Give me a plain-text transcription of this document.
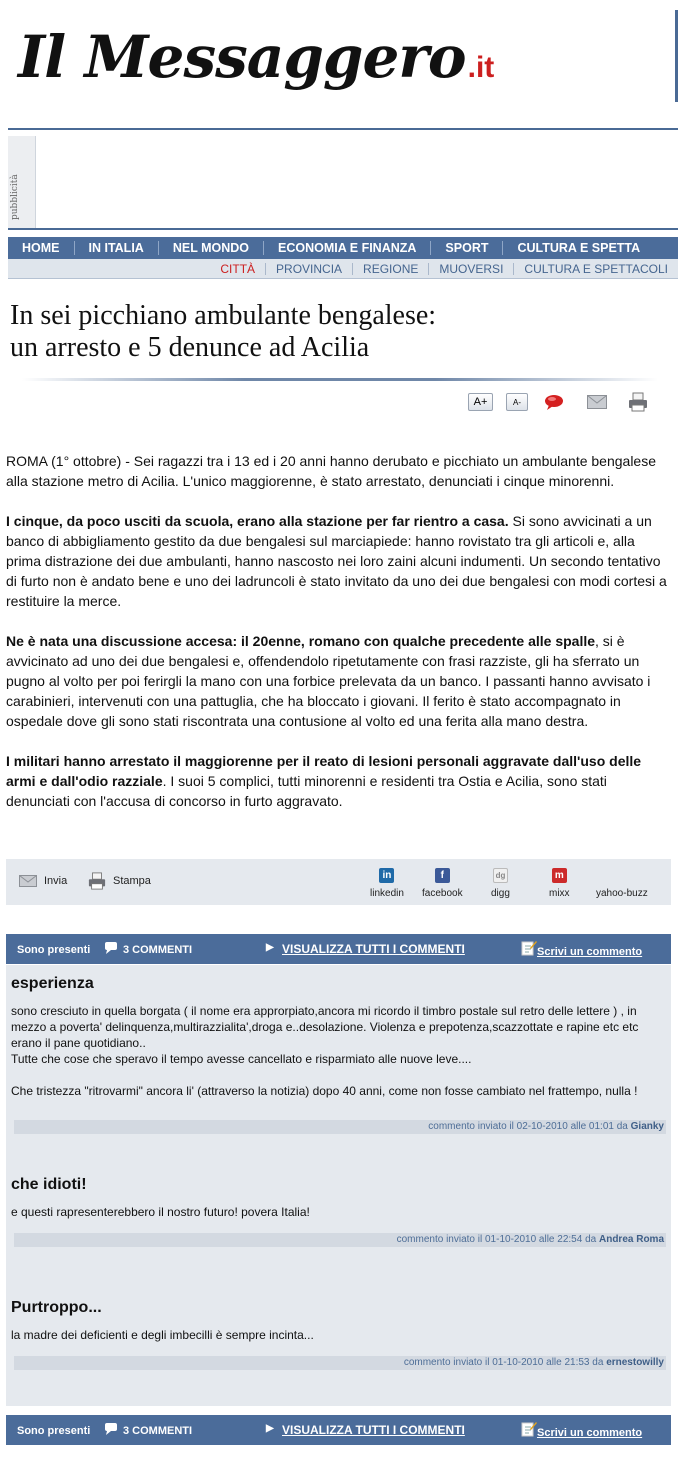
Il Messaggero.it
pubblicità
HOME	IN ITALIA	NEL MONDO	ECONOMIA E FINANZA	SPORT	CULTURA E SPETTA
CITTÀ	PROVINCIA	REGIONE	MUOVERSI	CULTURA E SPETTACOLI
In sei picchiano ambulante bengalese:
un arresto e 5 denunce ad Acilia
A+	A-

ROMA (1° ottobre) - Sei ragazzi tra i 13 ed i 20 anni hanno derubato e picchiato un ambulante bengalese alla stazione metro di Acilia. L'unico maggiorenne, è stato arrestato, denunciati i cinque minorenni.

I cinque, da poco usciti da scuola, erano alla stazione per far rientro a casa. Si sono avvicinati a un banco di abbigliamento gestito da due bengalesi sul marciapiede: hanno rovistato tra gli articoli e, alla prima distrazione dei due ambulanti, hanno nascosto nei loro zaini alcuni indumenti. Un secondo tentativo di furto non è andato bene e uno dei ladruncoli è stato invitato da uno dei due bengalesi con modi cortesi a restituire la merce.

Ne è nata una discussione accesa: il 20enne, romano con qualche precedente alle spalle, si è avvicinato ad uno dei due bengalesi e, offendendolo ripetutamente con frasi razziste, gli ha sferrato un pugno al volto per poi ferirgli la mano con una forbice prelevata da un banco. I passanti hanno avvisato i carabinieri, intervenuti con una pattuglia, che ha bloccato i giovani. Il ferito è stato accompagnato in ospedale dove gli sono stati riscontrata una contusione al volto ed una ferita alla mano destra.

I militari hanno arrestato il maggiorenne per il reato di lesioni personali aggravate dall'uso delle armi e dall'odio razziale. I suoi 5 complici, tutti minorenni e residenti tra Ostia e Acilia, sono stati denunciati con l'accusa di concorso in furto aggravato.

Invia	Stampa	in
linkedin
f
facebook
dg
digg
m
mixx	yahoo-buzz
Sono presenti	3 COMMENTI	▶ VISUALIZZA TUTTI I COMMENTI	Scrivi un commento
esperienza
sono cresciuto in quella borgata ( il nome era approrpiato,ancora mi ricordo il timbro postale sul retro delle lettere ) , in mezzo a poverta' delinquenza,multirazzialita',droga e..desolazione. Violenza e prepotenza,scazzottate e rapine etc etc erano il pane quotidiano..
Tutte che cose che speravo il tempo avesse cancellato e risparmiato alle nuove leve....

Che tristezza "ritrovarmi" ancora li' (attraverso la notizia) dopo 40 anni, come non fosse cambiato nel frattempo, nulla !
commento inviato il 02-10-2010 alle 01:01 da Gianky
che idioti!
e questi rapresenterebbero il nostro futuro! povera Italia!
commento inviato il 01-10-2010 alle 22:54 da Andrea Roma
Purtroppo...
la madre dei deficienti e degli imbecilli è sempre incinta...
commento inviato il 01-10-2010 alle 21:53 da ernestowilly
Sono presenti	3 COMMENTI	▶ VISUALIZZA TUTTI I COMMENTI	Scrivi un commento
